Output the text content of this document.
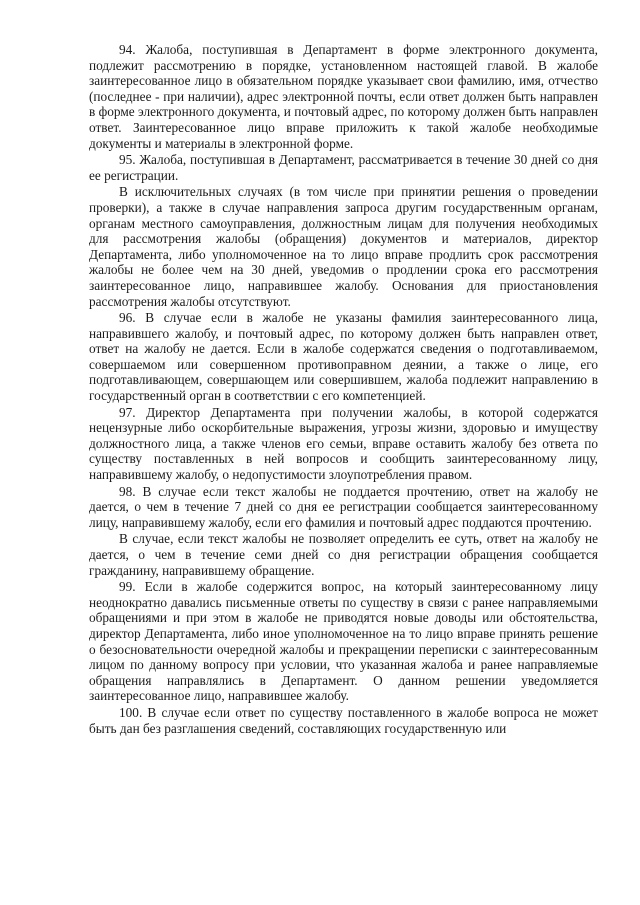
94. Жалоба, поступившая в Департамент в форме электронного документа, подлежит рассмотрению в порядке, установленном настоящей главой. В жалобе заинтересованное лицо в обязательном порядке указывает свои фамилию, имя, отчество (последнее - при наличии), адрес электронной почты, если ответ должен быть направлен в форме электронного документа, и почтовый адрес, по которому должен быть направлен ответ. Заинтересованное лицо вправе приложить к такой жалобе необходимые документы и материалы в электронной форме.

95. Жалоба, поступившая в Департамент, рассматривается в течение 30 дней со дня ее регистрации.

В исключительных случаях (в том числе при принятии решения о проведении проверки), а также в случае направления запроса другим государственным органам, органам местного самоуправления, должностным лицам для получения необходимых для рассмотрения жалобы (обращения) документов и материалов, директор Департамента, либо уполномоченное на то лицо вправе продлить срок рассмотрения жалобы не более чем на 30 дней, уведомив о продлении срока его рассмотрения заинтересованное лицо, направившее жалобу. Основания для приостановления рассмотрения жалобы отсутствуют.

96. В случае если в жалобе не указаны фамилия заинтересованного лица, направившего жалобу, и почтовый адрес, по которому должен быть направлен ответ, ответ на жалобу не дается. Если в жалобе содержатся сведения о подготавливаемом, совершаемом или совершенном противоправном деянии, а также о лице, его подготавливающем, совершающем или совершившем, жалоба подлежит направлению в государственный орган в соответствии с его компетенцией.

97. Директор Департамента при получении жалобы, в которой содержатся нецензурные либо оскорбительные выражения, угрозы жизни, здоровью и имуществу должностного лица, а также членов его семьи, вправе оставить жалобу без ответа по существу поставленных в ней вопросов и сообщить заинтересованному лицу, направившему жалобу, о недопустимости злоупотребления правом.

98. В случае если текст жалобы не поддается прочтению, ответ на жалобу не дается, о чем в течение 7 дней со дня ее регистрации сообщается заинтересованному лицу, направившему жалобу, если его фамилия и почтовый адрес поддаются прочтению.

В случае, если текст жалобы не позволяет определить ее суть, ответ на жалобу не дается, о чем в течение семи дней со дня регистрации обращения сообщается гражданину, направившему обращение.

99. Если в жалобе содержится вопрос, на который заинтересованному лицу неоднократно давались письменные ответы по существу в связи с ранее направляемыми обращениями и при этом в жалобе не приводятся новые доводы или обстоятельства, директор Департамента, либо иное уполномоченное на то лицо вправе принять решение о безосновательности очередной жалобы и прекращении переписки с заинтересованным лицом по данному вопросу при условии, что указанная жалоба и ранее направляемые обращения направлялись в Департамент. О данном решении уведомляется заинтересованное лицо, направившее жалобу.

100. В случае если ответ по существу поставленного в жалобе вопроса не может быть дан без разглашения сведений, составляющих государственную или
